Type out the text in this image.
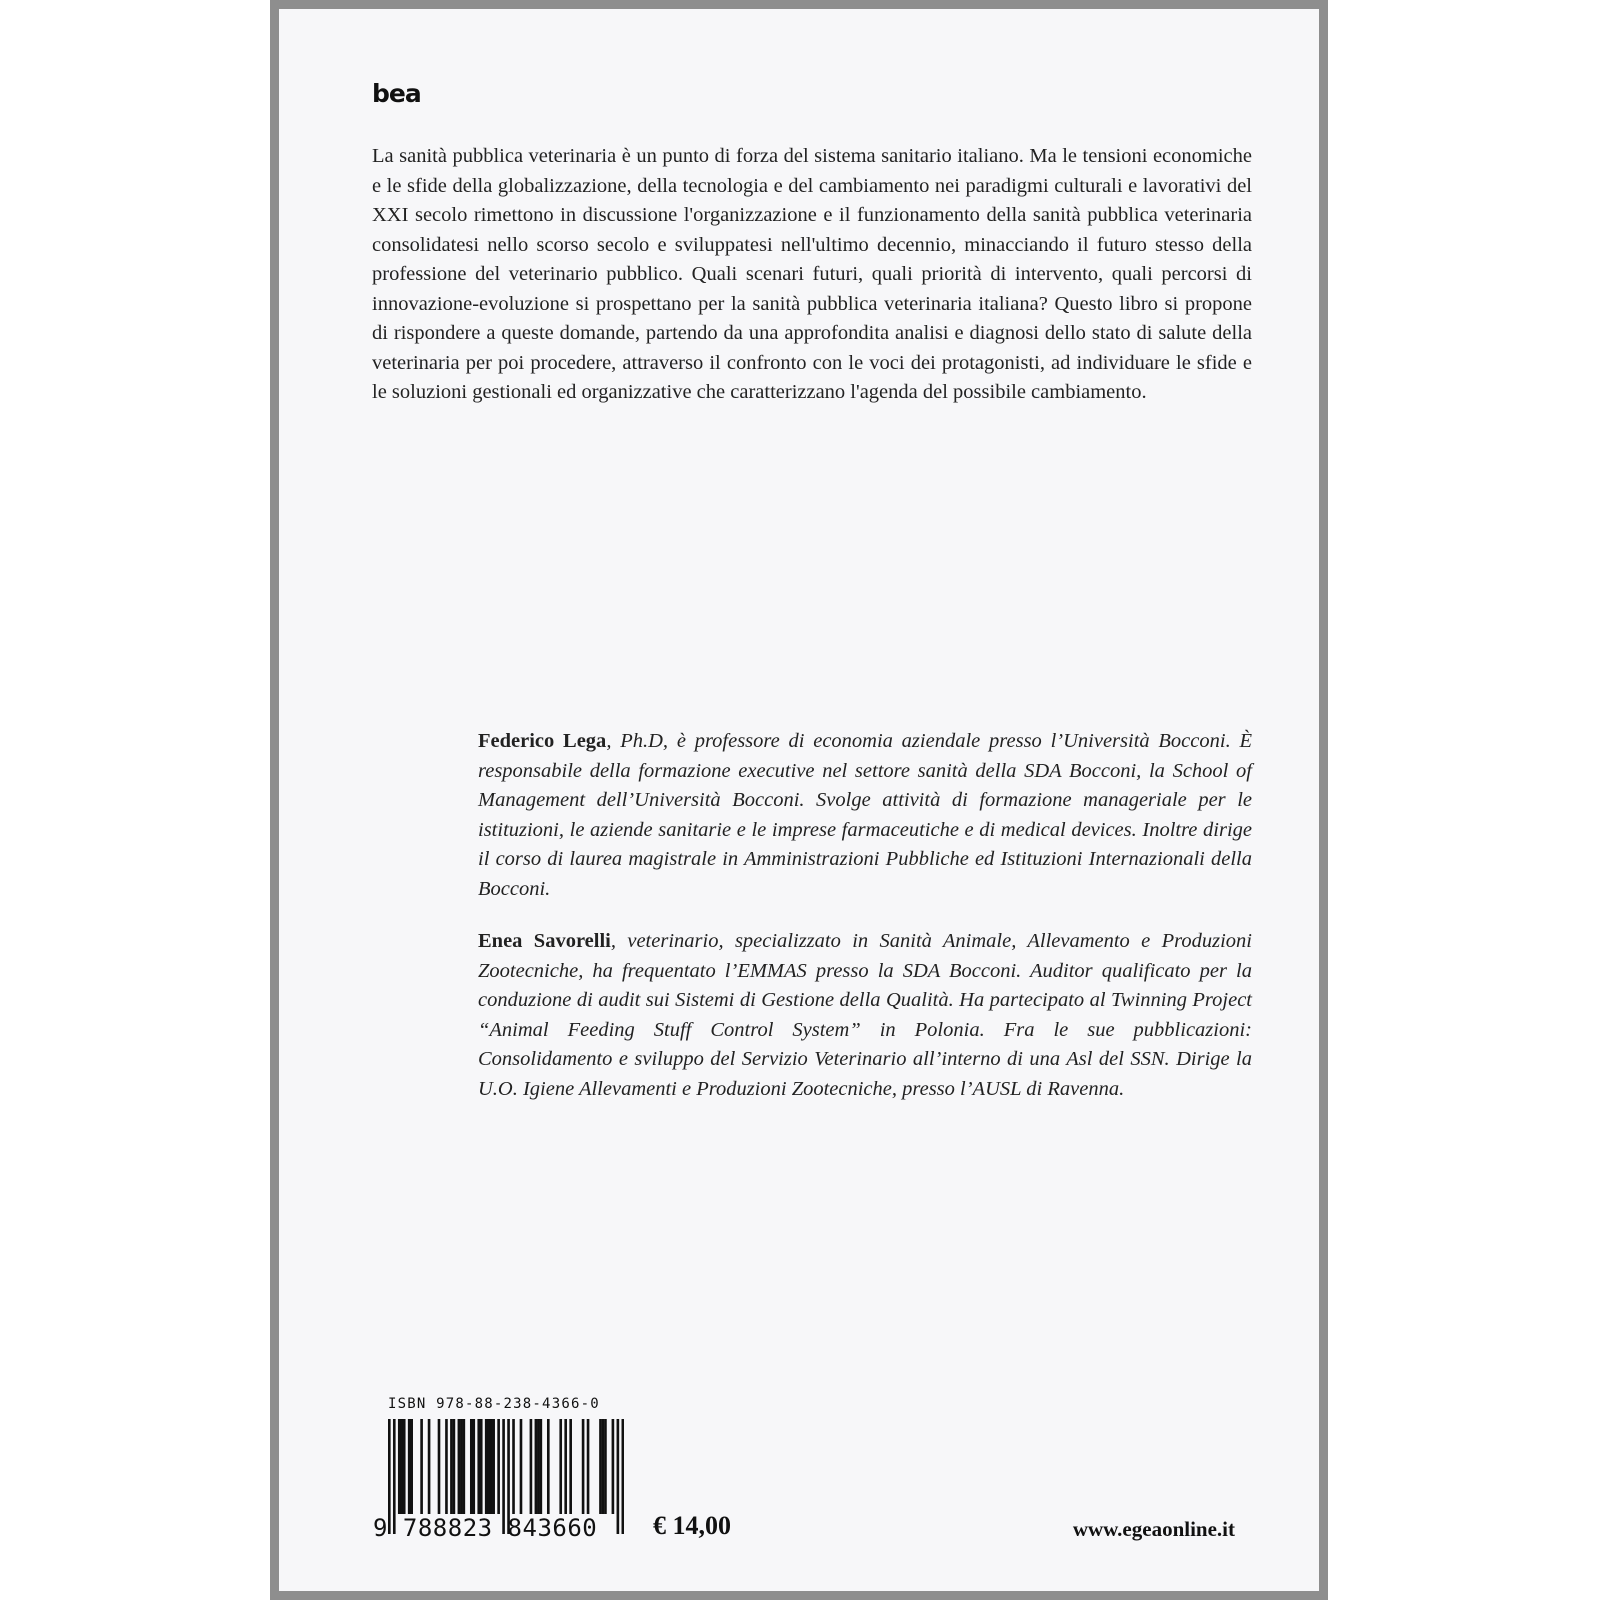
bea

La sanità pubblica veterinaria è un punto di forza del sistema sanitario italiano. Ma le tensioni economiche e le sfide della globalizzazione, della tecnologia e del cambiamento nei paradigmi culturali e lavorativi del XXI secolo rimettono in discussione l'organizzazione e il funzionamento della sanità pubblica veterinaria consolidatesi nello scorso secolo e sviluppatesi nell'ultimo decennio, minacciando il futuro stesso della professione del veterinario pubblico. Quali scenari futuri, quali priorità di intervento, quali percorsi di innovazione-evoluzione si prospettano per la sanità pubblica veterinaria italiana? Questo libro si propone di rispondere a queste domande, partendo da una approfondita analisi e diagnosi dello stato di salute della veterinaria per poi procedere, attraverso il confronto con le voci dei protagonisti, ad individuare le sfide e le soluzioni gestionali ed organizzative che caratterizzano l'agenda del possibile cambiamento.

Federico Lega, Ph.D, è professore di economia aziendale presso l’Università Bocconi. È responsabile della formazione executive nel settore sanità della SDA Bocconi, la School of Management dell’Università Bocconi. Svolge attività di formazione manageriale per le istituzioni, le aziende sanitarie e le imprese farmaceutiche e di medical devices. Inoltre dirige il corso di laurea magistrale in Amministrazioni Pubbliche ed Istituzioni Internazionali della Bocconi.

Enea Savorelli, veterinario, specializzato in Sanità Animale, Allevamento e Produzioni Zootecniche, ha frequentato l’EMMAS presso la SDA Bocconi. Auditor qualificato per la conduzione di audit sui Sistemi di Gestione della Qualità. Ha partecipato al Twinning Project “Animal Feeding Stuff Control System” in Polonia. Fra le sue pubblicazioni: Consolidamento e sviluppo del Servizio Veterinario all’interno di una Asl del SSN. Dirige la U.O. Igiene Allevamenti e Produzioni Zootecniche, presso l’AUSL di Ravenna.

ISBN 978-88-238-4366-0
9 788823 843660 € 14,00	www.egeaonline.it
